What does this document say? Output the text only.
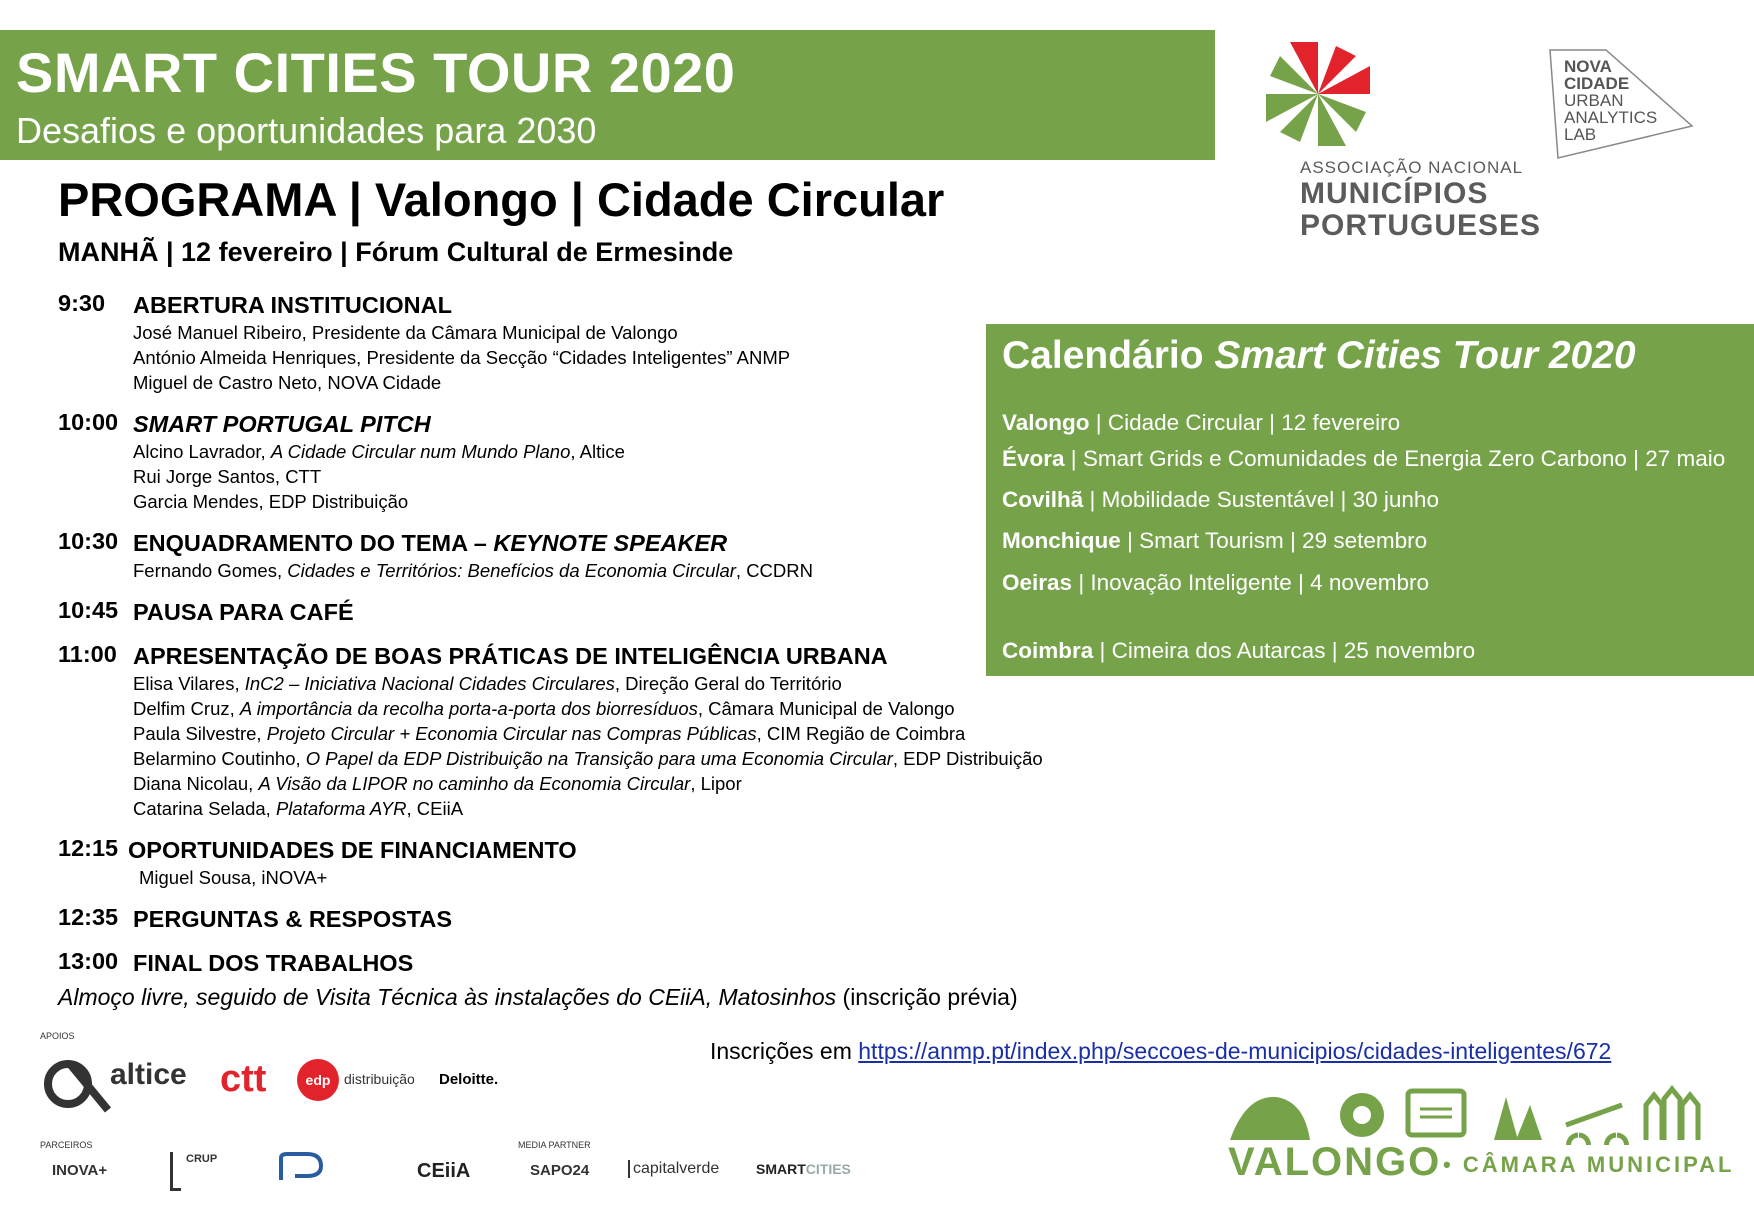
SMART CITIES TOUR 2020
Desafios e oportunidades para 2030
ASSOCIAÇÃO NACIONAL
MUNICÍPIOS
PORTUGUESES
NOVA
CIDADE
URBAN
ANALYTICS
LAB
PROGRAMA | Valongo | Cidade Circular
MANHÃ | 12 fevereiro | Fórum Cultural de Ermesinde
9:30 ABERTURA INSTITUCIONAL
José Manuel Ribeiro, Presidente da Câmara Municipal de Valongo
António Almeida Henriques, Presidente da Secção “Cidades Inteligentes” ANMP
Miguel de Castro Neto, NOVA Cidade
10:00 SMART PORTUGAL PITCH
Alcino Lavrador, A Cidade Circular num Mundo Plano, Altice
Rui Jorge Santos, CTT
Garcia Mendes, EDP Distribuição
10:30 ENQUADRAMENTO DO TEMA – KEYNOTE SPEAKER
Fernando Gomes, Cidades e Territórios: Benefícios da Economia Circular, CCDRN
10:45 PAUSA PARA CAFÉ
11:00 APRESENTAÇÃO DE BOAS PRÁTICAS DE INTELIGÊNCIA URBANA
Elisa Vilares, InC2 – Iniciativa Nacional Cidades Circulares, Direção Geral do Território
Delfim Cruz, A importância da recolha porta-a-porta dos biorresíduos, Câmara Municipal de Valongo
Paula Silvestre, Projeto Circular + Economia Circular nas Compras Públicas, CIM Região de Coimbra
Belarmino Coutinho, O Papel da EDP Distribuição na Transição para uma Economia Circular, EDP Distribuição
Diana Nicolau, A Visão da LIPOR no caminho da Economia Circular, Lipor
Catarina Selada, Plataforma AYR, CEiiA
12:15 OPORTUNIDADES DE FINANCIAMENTO
Miguel Sousa, iNOVA+
12:35 PERGUNTAS & RESPOSTAS
13:00 FINAL DOS TRABALHOS
Almoço livre, seguido de Visita Técnica às instalações do CEiiA, Matosinhos (inscrição prévia)
Calendário Smart Cities Tour 2020
Valongo | Cidade Circular | 12 fevereiro
Évora | Smart Grids e Comunidades de Energia Zero Carbono | 27 maio
Covilhã | Mobilidade Sustentável | 30 junho
Monchique | Smart Tourism | 29 setembro
Oeiras | Inovação Inteligente | 4 novembro
Coimbra | Cimeira dos Autarcas | 25 novembro
Inscrições em https://anmp.pt/index.php/seccoes-de-municipios/cidades-inteligentes/672
APOIOS
altice ctt	edp distribuição Deloitte.
PARCEIROS
INOVA+
CRUP
CEiiA
MEDIA PARTNER
SAPO24	capitalverde	SMARTCITIES	VALONGO • CÂMARA MUNICIPAL
